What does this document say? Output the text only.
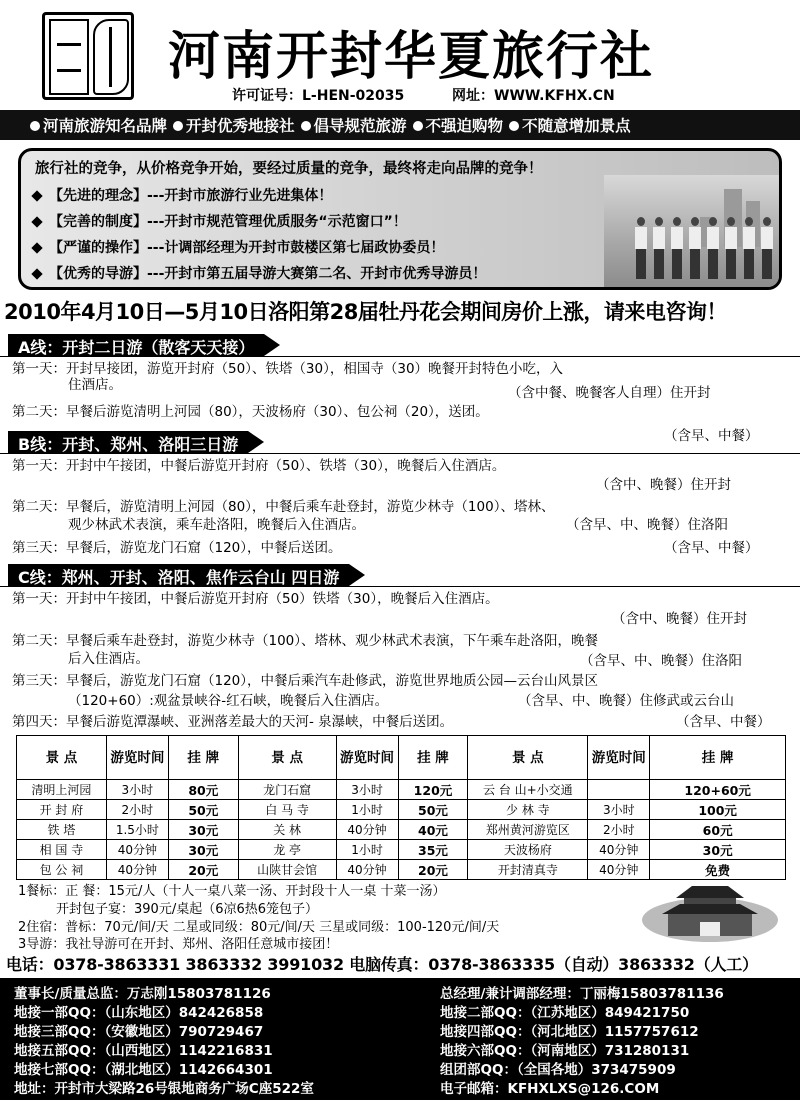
河南开封华夏旅行社
许可证号：L-HEN-02035	网址：WWW.KFHX.CN
河南旅游知名品牌	开封优秀地接社	倡导规范旅游	不强迫购物	不随意增加景点
旅行社的竞争，从价格竞争开始，要经过质量的竞争，最终将走向品牌的竞争！
【先进的理念】---开封市旅游行业先进集体！
【完善的制度】---开封市规范管理优质服务“示范窗口”！
【严谨的操作】---计调部经理为开封市鼓楼区第七届政协委员！
【优秀的导游】---开封市第五届导游大赛第二名、开封市优秀导游员！
2010年4月10日—5月10日洛阳第28届牡丹花会期间房价上涨，请来电咨询！
A线：开封二日游（散客天天接）
第一天：开封早接团，游览开封府（50）、铁塔（30），相国寺（30）晚餐开封特色小吃，入
住酒店。	（含中餐、晚餐客人自理）住开封
第二天：早餐后游览清明上河园（80），天波杨府（30）、包公祠（20），送团。
B线：开封、郑州、洛阳三日游	（含早、中餐）
第一天：开封中午接团，中餐后游览开封府（50）、铁塔（30），晚餐后入住酒店。
（含中、晚餐）住开封
第二天：早餐后，游览清明上河园（80），中餐后乘车赴登封，游览少林寺（100）、塔林、
观少林武术表演，乘车赴洛阳，晚餐后入住酒店。	（含早、中、晚餐）住洛阳
第三天：早餐后，游览龙门石窟（120），中餐后送团。	（含早、中餐）
C线：郑州、开封、洛阳、焦作云台山 四日游
第一天：开封中午接团，中餐后游览开封府（50）铁塔（30），晚餐后入住酒店。
（含中、晚餐）住开封
第二天：早餐后乘车赴登封，游览少林寺（100）、塔林、观少林武术表演，下午乘车赴洛阳，晚餐
后入住酒店。	（含早、中、晚餐）住洛阳
第三天：早餐后，游览龙门石窟（120），中餐后乘汽车赴修武，游览世界地质公园—云台山风景区
（120+60）:观盆景峡谷-红石峡，晚餐后入住酒店。	（含早、中、晚餐）住修武或云台山
第四天：早餐后游览潭瀑峡、亚洲落差最大的天河- 泉瀑峡，中餐后送团。	（含早、中餐）
景 点	游览时间	挂 牌	景 点	游览时间	挂 牌	景 点	游览时间	挂 牌
清明上河园	3小时	80元	龙门石窟	3小时	120元	云 台 山+小交通		120+60元
开 封 府	2小时	50元	白 马 寺	1小时	50元	少 林 寺	3小时	100元
铁 塔	1.5小时	30元	关 林	40分钟	40元	郑州黄河游览区	2小时	60元
相 国 寺	40分钟	30元	龙 亭	1小时	35元	天波杨府	40分钟	30元
包 公 祠	40分钟	20元	山陕甘会馆	40分钟	20元	开封清真寺	40分钟	免费
1餐标：正 餐：15元/人（十人一桌八菜一汤、开封段十人一桌 十菜一汤）
开封包子宴：390元/桌起（6凉6热6笼包子）
2住宿：普标：70元/间/天 二星或同级：80元/间/天 三星或同级：100-120元/间/天
3导游：我社导游可在开封、郑州、洛阳任意城市接团！
电话：0378-3863331 3863332 3991032 电脑传真：0378-3863335（自动）3863332（人工）
董事长/质量总监：万志刚15803781126
地接一部QQ：（山东地区）842426858
地接三部QQ：（安徽地区）790729467
地接五部QQ：（山西地区）1142216831
地接七部QQ：（湖北地区）1142664301
地址：开封市大梁路26号银地商务广场C座522室
总经理/兼计调部经理：丁丽梅15803781136
地接二部QQ：（江苏地区）849421750
地接四部QQ：（河北地区）1157757612
地接六部QQ：（河南地区）731280131
组团部QQ：（全国各地）373475909
电子邮箱：KFHXLXS@126.COM
